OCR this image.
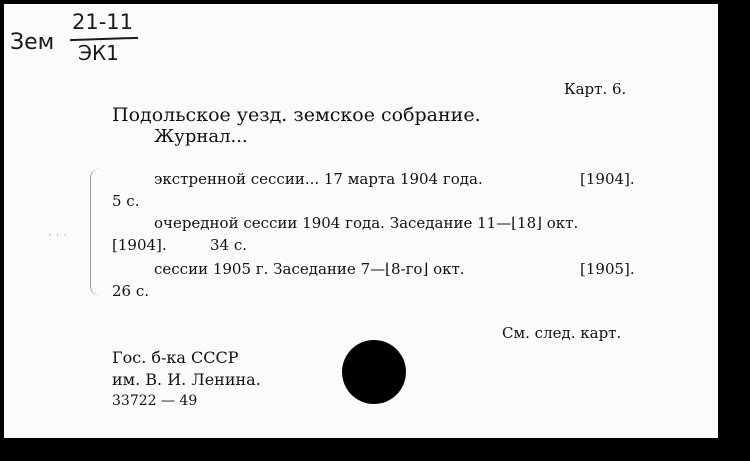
Зем
21-11
ЭК1
Карт. 6.
Подольское уезд. земское собрание.
Журнал...
· · ·
экстренной сессии... 17 марта 1904 года.	[1904].
5 с.
очередной сессии 1904 года. Заседание 11—⌊18⌋ окт.
[1904].	34 с.
сессии 1905 г. Заседание 7—⌊8-го⌋ окт.	[1905].
26 с.
См. след. карт.
Гос. б-ка СССР
им. В. И. Ленина.
33722 — 49
